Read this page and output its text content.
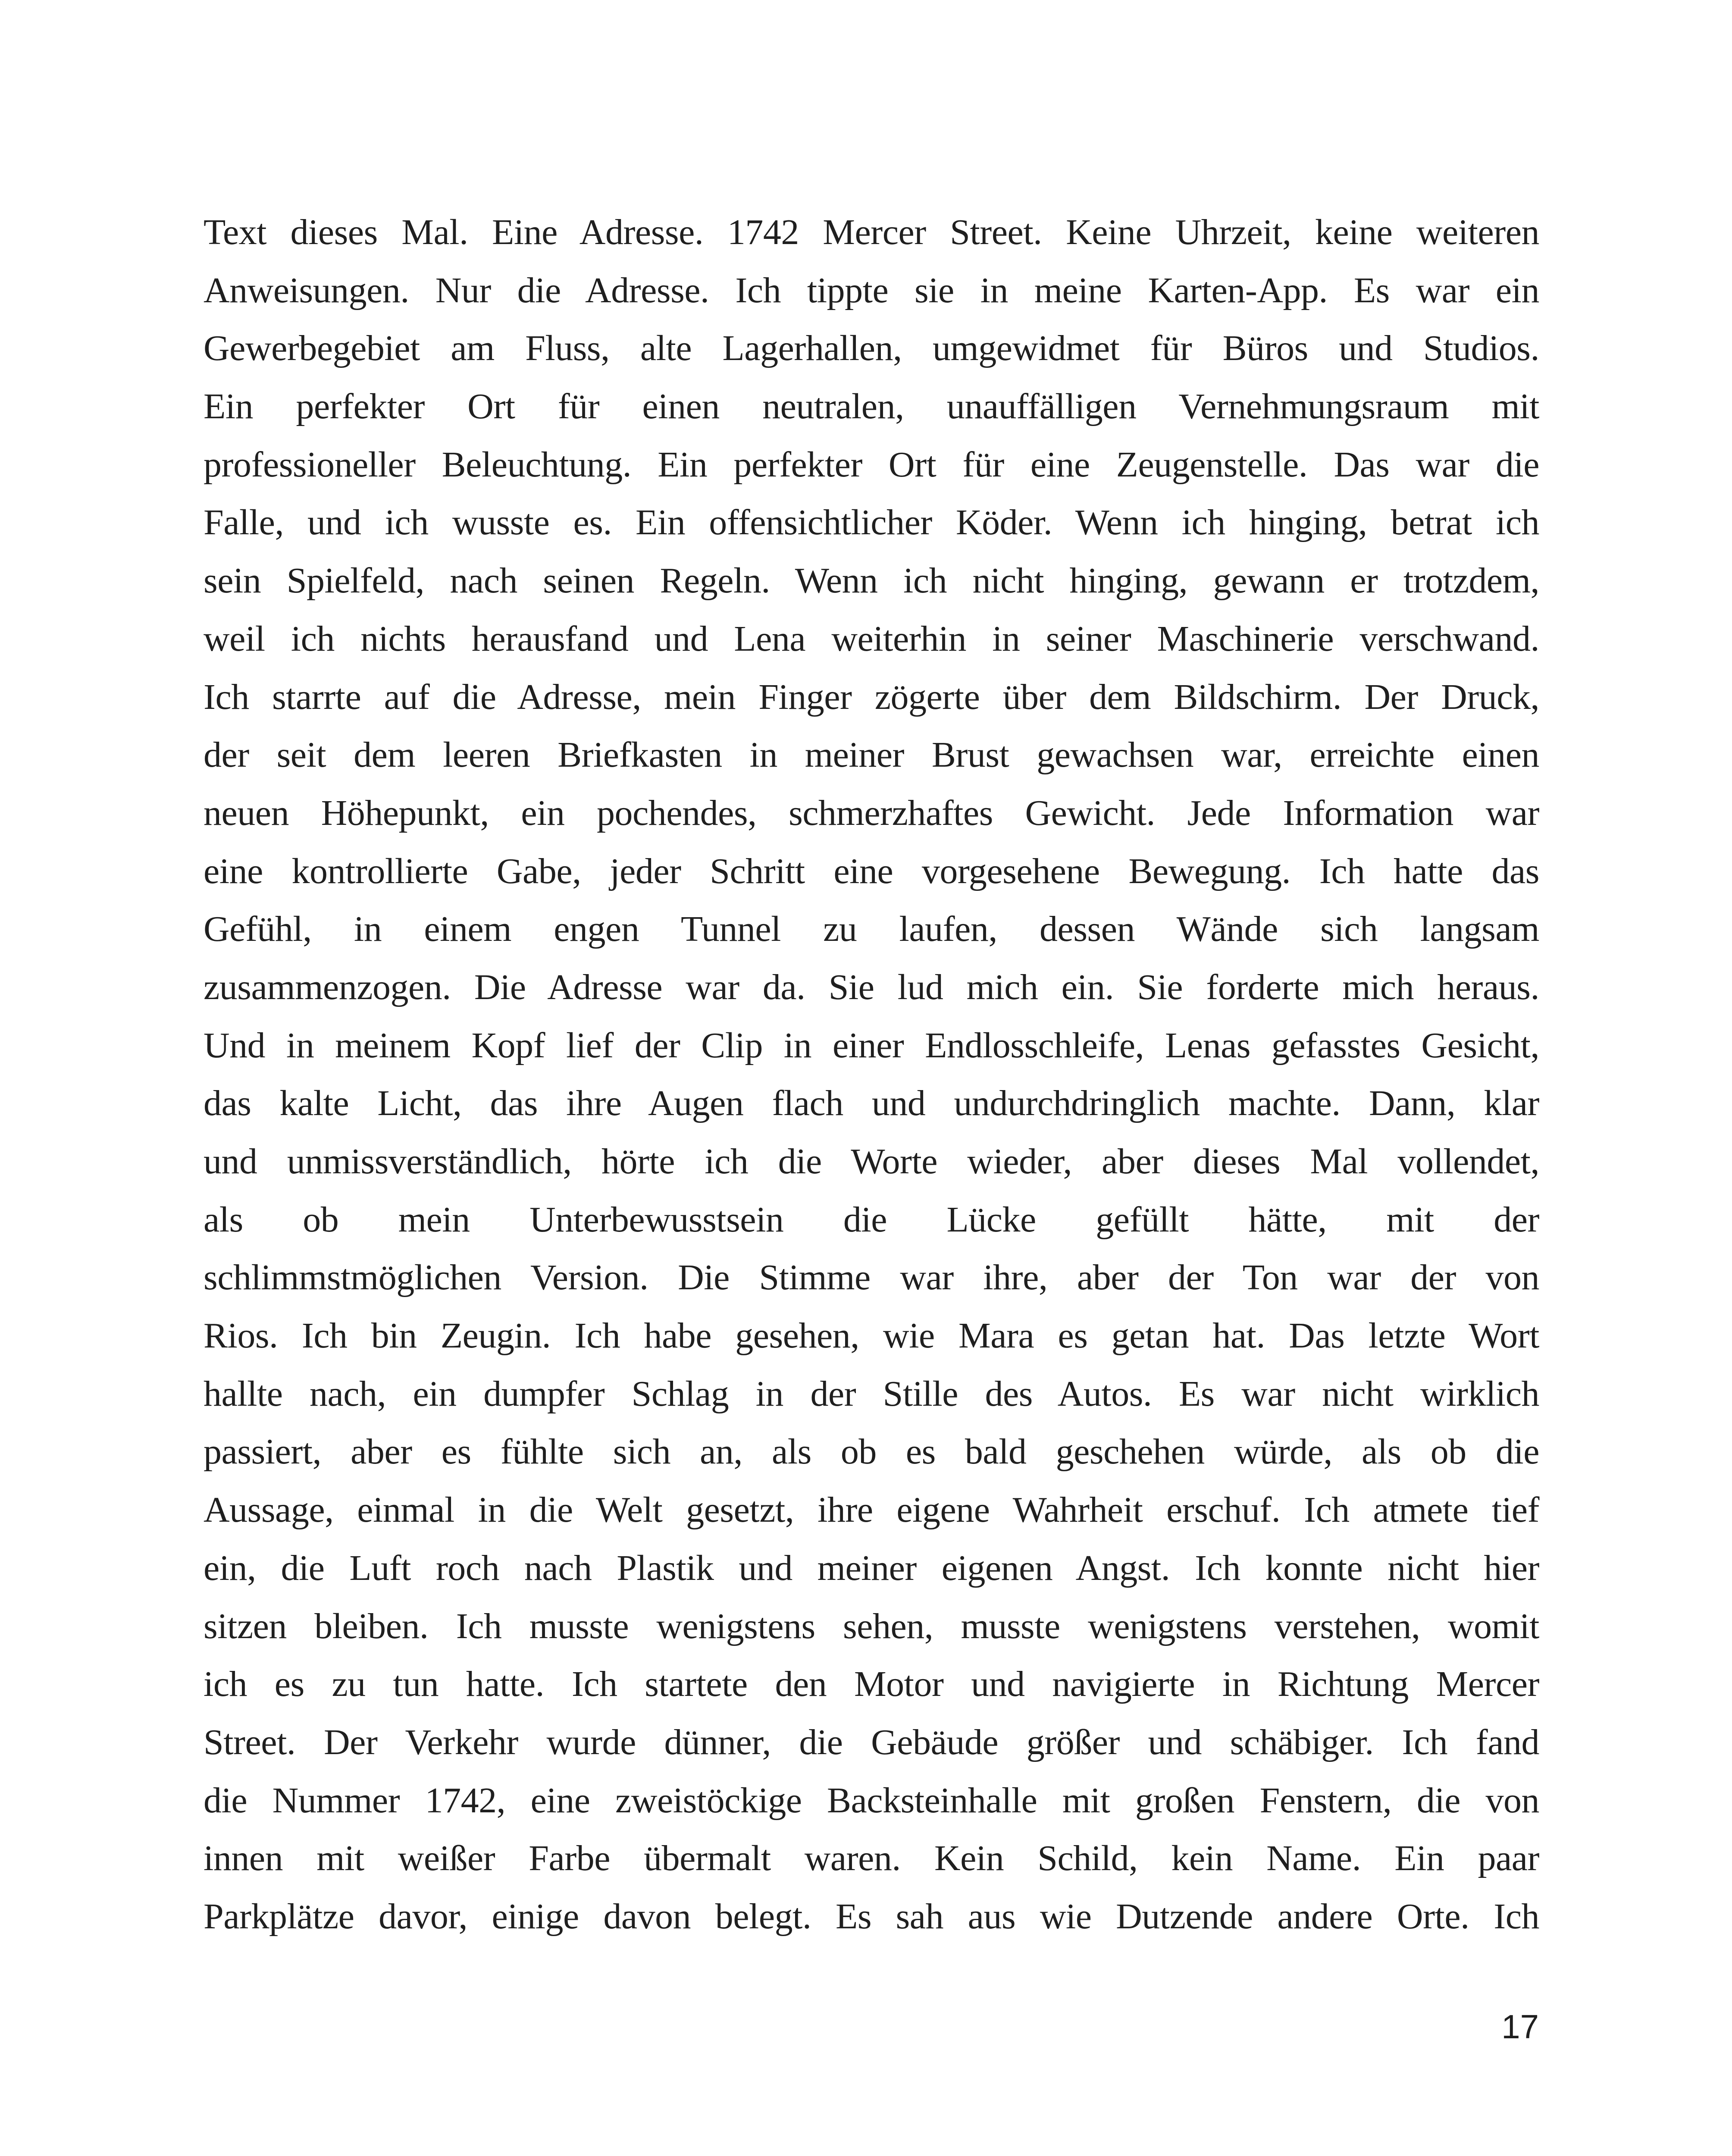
Text dieses Mal. Eine Adresse. 1742 Mercer Street. Keine Uhrzeit, keine weiteren
Anweisungen. Nur die Adresse. Ich tippte sie in meine Karten-App. Es war ein
Gewerbegebiet am Fluss, alte Lagerhallen, umgewidmet für Büros und Studios.
Ein perfekter Ort für einen neutralen, unauffälligen Vernehmungsraum mit
professioneller Beleuchtung. Ein perfekter Ort für eine Zeugenstelle. Das war die
Falle, und ich wusste es. Ein offensichtlicher Köder. Wenn ich hinging, betrat ich
sein Spielfeld, nach seinen Regeln. Wenn ich nicht hinging, gewann er trotzdem,
weil ich nichts herausfand und Lena weiterhin in seiner Maschinerie verschwand.
Ich starrte auf die Adresse, mein Finger zögerte über dem Bildschirm. Der Druck,
der seit dem leeren Briefkasten in meiner Brust gewachsen war, erreichte einen
neuen Höhepunkt, ein pochendes, schmerzhaftes Gewicht. Jede Information war
eine kontrollierte Gabe, jeder Schritt eine vorgesehene Bewegung. Ich hatte das
Gefühl, in einem engen Tunnel zu laufen, dessen Wände sich langsam
zusammenzogen. Die Adresse war da. Sie lud mich ein. Sie forderte mich heraus.
Und in meinem Kopf lief der Clip in einer Endlosschleife, Lenas gefasstes Gesicht,
das kalte Licht, das ihre Augen flach und undurchdringlich machte. Dann, klar
und unmissverständlich, hörte ich die Worte wieder, aber dieses Mal vollendet,
als ob mein Unterbewusstsein die Lücke gefüllt hätte, mit der
schlimmstmöglichen Version. Die Stimme war ihre, aber der Ton war der von
Rios. Ich bin Zeugin. Ich habe gesehen, wie Mara es getan hat. Das letzte Wort
hallte nach, ein dumpfer Schlag in der Stille des Autos. Es war nicht wirklich
passiert, aber es fühlte sich an, als ob es bald geschehen würde, als ob die
Aussage, einmal in die Welt gesetzt, ihre eigene Wahrheit erschuf. Ich atmete tief
ein, die Luft roch nach Plastik und meiner eigenen Angst. Ich konnte nicht hier
sitzen bleiben. Ich musste wenigstens sehen, musste wenigstens verstehen, womit
ich es zu tun hatte. Ich startete den Motor und navigierte in Richtung Mercer
Street. Der Verkehr wurde dünner, die Gebäude größer und schäbiger. Ich fand
die Nummer 1742, eine zweistöckige Backsteinhalle mit großen Fenstern, die von
innen mit weißer Farbe übermalt waren. Kein Schild, kein Name. Ein paar
Parkplätze davor, einige davon belegt. Es sah aus wie Dutzende andere Orte. Ich
17
